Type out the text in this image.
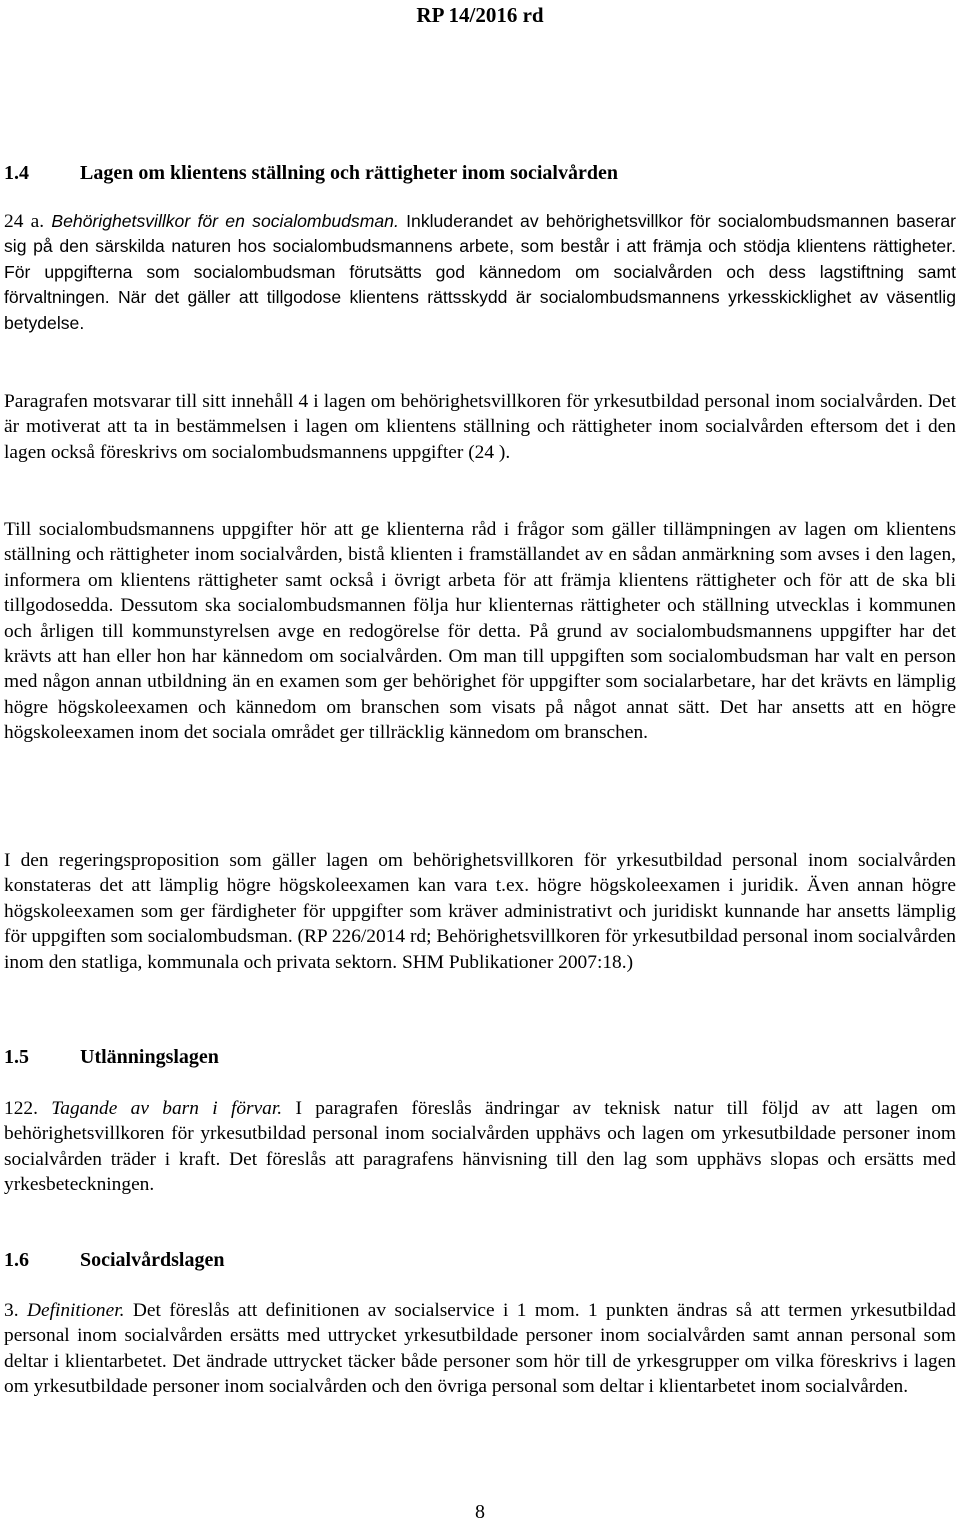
RP 14/2016 rd
1.4	Lagen om klientens ställning och rättigheter inom socialvården

24 a. Behörighetsvillkor för en socialombudsman. Inkluderandet av behörighetsvillkor för socialombudsmannen baserar sig på den särskilda naturen hos socialombudsmannens arbete, som består i att främja och stödja klientens rättigheter. För uppgifterna som socialombudsman förutsätts god kännedom om socialvården och dess lagstiftning samt förvaltningen. När det gäller att tillgodose klientens rättsskydd är socialombudsmannens yrkesskicklighet av väsentlig betydelse.

Paragrafen motsvarar till sitt innehåll 4 i lagen om behörighetsvillkoren för yrkesutbildad personal inom socialvården. Det är motiverat att ta in bestämmelsen i lagen om klientens ställning och rättigheter inom socialvården eftersom det i den lagen också föreskrivs om socialombudsmannens uppgifter (24 ).

Till socialombudsmannens uppgifter hör att ge klienterna råd i frågor som gäller tillämpningen av lagen om klientens ställning och rättigheter inom socialvården, bistå klienten i framställandet av en sådan anmärkning som avses i den lagen, informera om klientens rättigheter samt också i övrigt arbeta för att främja klientens rättigheter och för att de ska bli tillgodosedda. Dessutom ska socialombudsmannen följa hur klienternas rättigheter och ställning utvecklas i kommunen och årligen till kommunstyrelsen avge en redogörelse för detta. På grund av socialombudsmannens uppgifter har det krävts att han eller hon har kännedom om socialvården. Om man till uppgiften som socialombudsman har valt en person med någon annan utbildning än en examen som ger behörighet för uppgifter som socialarbetare, har det krävts en lämplig högre högskoleexamen och kännedom om branschen som visats på något annat sätt. Det har ansetts att en högre högskoleexamen inom det sociala området ger tillräcklig kännedom om branschen.

I den regeringsproposition som gäller lagen om behörighetsvillkoren för yrkesutbildad personal inom socialvården konstateras det att lämplig högre högskoleexamen kan vara t.ex. högre högskoleexamen i juridik. Även annan högre högskoleexamen som ger färdigheter för uppgifter som kräver administrativt och juridiskt kunnande har ansetts lämplig för uppgiften som socialombudsman. (RP 226/2014 rd; Behörighetsvillkoren för yrkesutbildad personal inom socialvården inom den statliga, kommunala och privata sektorn. SHM Publikationer 2007:18.)

1.5	Utlänningslagen

122. Tagande av barn i förvar. I paragrafen föreslås ändringar av teknisk natur till följd av att lagen om behörighetsvillkoren för yrkesutbildad personal inom socialvården upphävs och lagen om yrkesutbildade personer inom socialvården träder i kraft. Det föreslås att paragrafens hänvisning till den lag som upphävs slopas och ersätts med yrkesbeteckningen.

1.6	Socialvårdslagen

3. Definitioner. Det föreslås att definitionen av socialservice i 1 mom. 1 punkten ändras så att termen yrkesutbildad personal inom socialvården ersätts med uttrycket yrkesutbildade personer inom socialvården samt annan personal som deltar i klientarbetet. Det ändrade uttrycket täcker både personer som hör till de yrkesgrupper om vilka föreskrivs i lagen om yrkesutbildade personer inom socialvården och den övriga personal som deltar i klientarbetet inom socialvården.

8
